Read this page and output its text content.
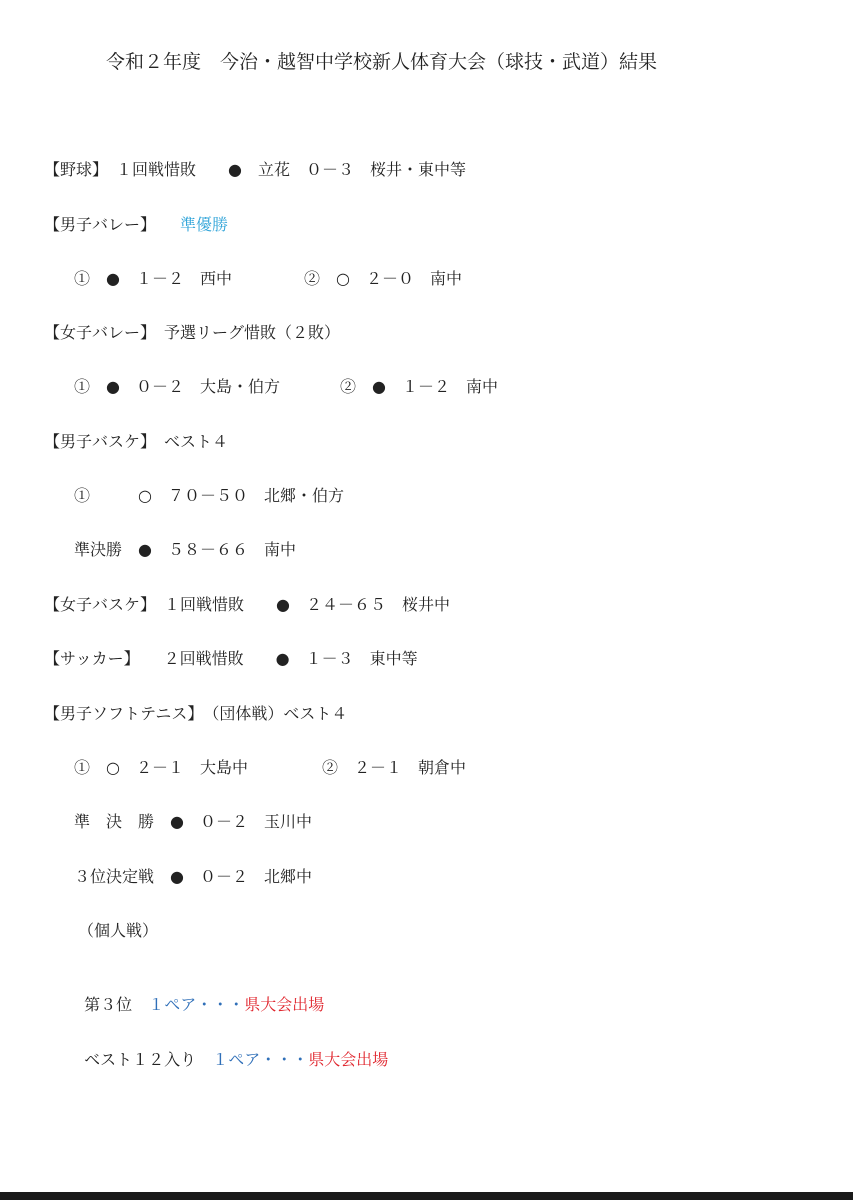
令和２年度　今治・越智中学校新人体育大会（球技・武道）結果
【野球】　１回戦惜敗　　●　立花　０－３　桜井・東中等
【男子バレー】 準優勝
①　●　１－２　西中	②　○　２－０　南中
【女子バレー】　予選リーグ惜敗（２敗）
①　●　０－２　大島・伯方	②　●　１－２　南中
【男子バスケ】　ベスト４
①　　　○　７０－５０　北郷・伯方
準決勝　●　５８－６６　南中
【女子バスケ】　１回戦惜敗　　●　２４－６５　桜井中
【サッカー】　　２回戦惜敗　　●　１－３　東中等
【男子ソフトテニス】　（団体戦）ベスト４
①　○　２－１　大島中	②　２－１　朝倉中
準　決　勝　●　０－２　玉川中
３位決定戦　●　０－２　北郷中
（個人戦）

第３位　 １ペア・・・県大会出場

ベスト１２入り　 １ペア・・・県大会出場
